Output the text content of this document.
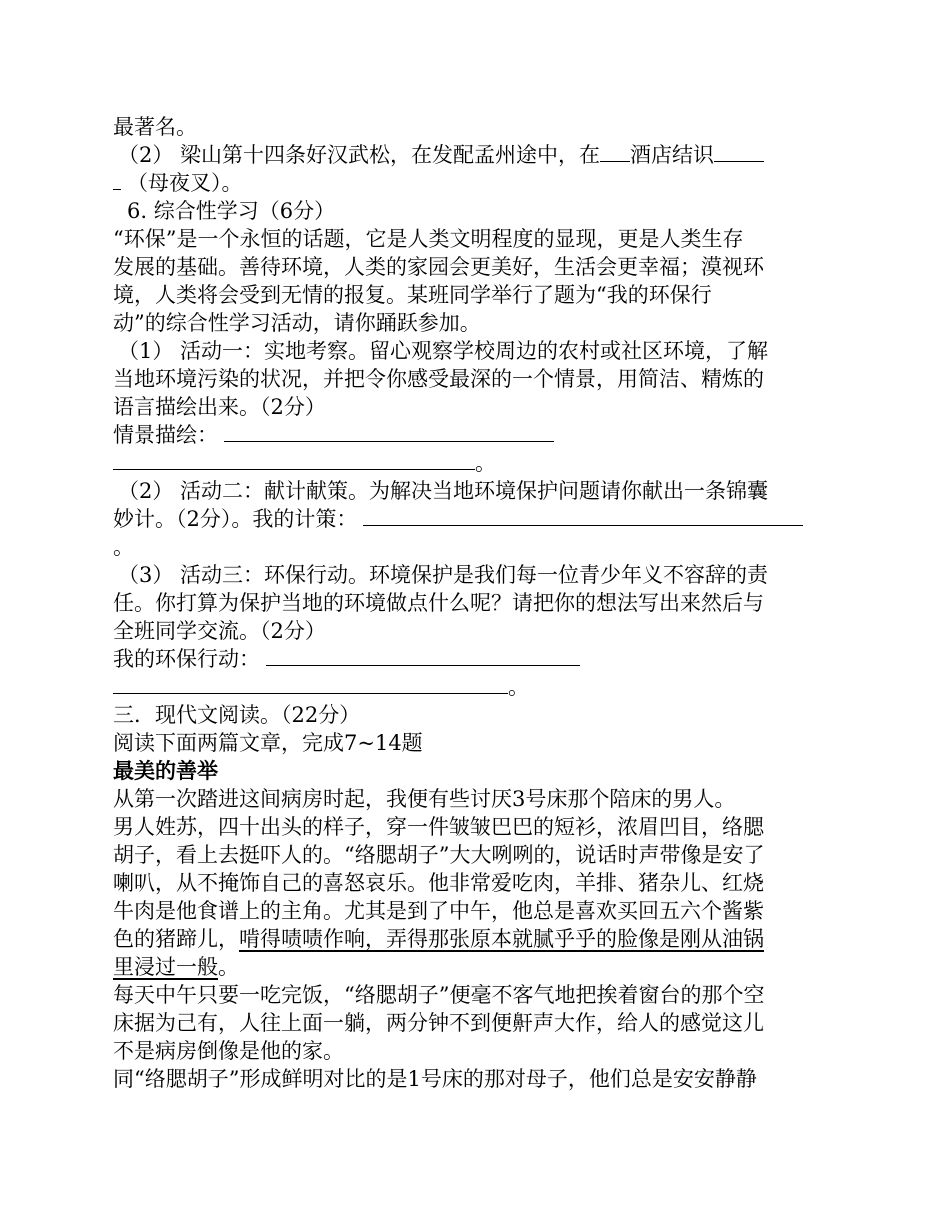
最著名。
（2） 梁山第十四条好汉武松，在发配孟州途中，在 酒店结识
（母夜叉）。
6. 综合性学习（6分）
“环保”是一个永恒的话题，它是人类文明程度的显现，更是人类生存
发展的基础。善待环境，人类的家园会更美好，生活会更幸福；漠视环
境，人类将会受到无情的报复。某班同学举行了题为“我的环保行
动”的综合性学习活动，请你踊跃参加。
（1） 活动一：实地考察。留心观察学校周边的农村或社区环境，了解
当地环境污染的状况，并把令你感受最深的一个情景，用简洁、精炼的
语言描绘出来。（2分）
情景描绘：
。
（2） 活动二：献计献策。为解决当地环境保护问题请你献出一条锦囊
妙计。（2分）。我的计策：
。
（3） 活动三：环保行动。环境保护是我们每一位青少年义不容辞的责
任。你打算为保护当地的环境做点什么呢？请把你的想法写出来然后与
全班同学交流。（2分）
我的环保行动：
。
三．现代文阅读。（22分）
阅读下面两篇文章，完成7~14题
最美的善举
从第一次踏进这间病房时起，我便有些讨厌3号床那个陪床的男人。
男人姓苏，四十出头的样子，穿一件皱皱巴巴的短衫，浓眉凹目，络腮
胡子，看上去挺吓人的。“络腮胡子”大大咧咧的，说话时声带像是安了
喇叭，从不掩饰自己的喜怒哀乐。他非常爱吃肉，羊排、猪杂儿、红烧
牛肉是他食谱上的主角。尤其是到了中午，他总是喜欢买回五六个酱紫
色的猪蹄儿，啃得啧啧作响，弄得那张原本就腻乎乎的脸像是刚从油锅
里浸过一般。
每天中午只要一吃完饭，“络腮胡子”便毫不客气地把挨着窗台的那个空
床据为己有，人往上面一躺，两分钟不到便鼾声大作，给人的感觉这儿
不是病房倒像是他的家。
同“络腮胡子”形成鲜明对比的是1号床的那对母子，他们总是安安静静
